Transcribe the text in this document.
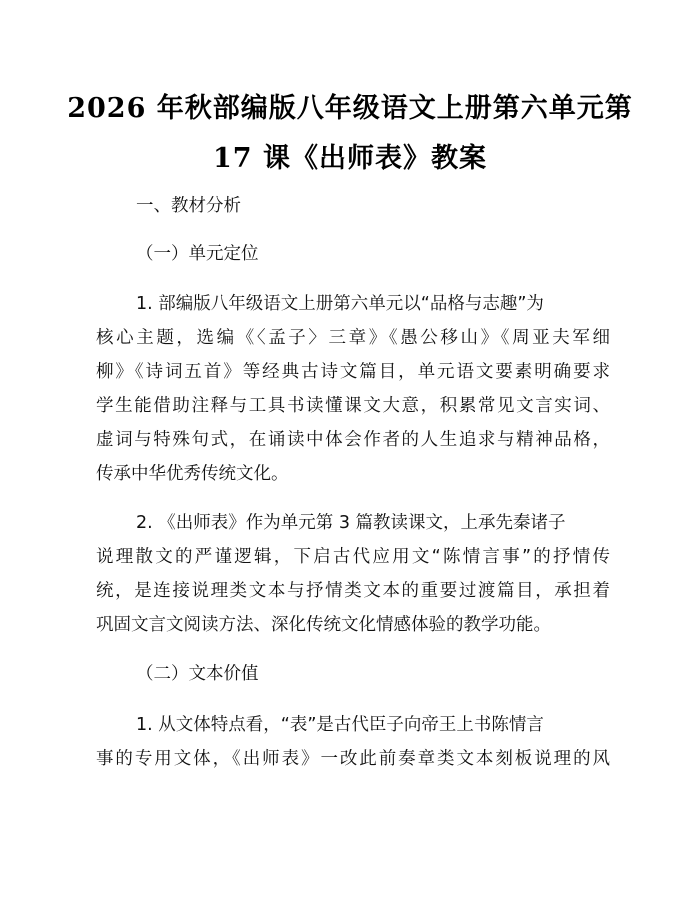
2026 年秋部编版八年级语文上册第六单元第
17 课《出师表》教案
一、教材分析
（一）单元定位
1. 部编版八年级语文上册第六单元以“品格与志趣”为
核心主题，选编《〈孟子〉三章》《愚公移山》《周亚夫军细
柳》《诗词五首》等经典古诗文篇目，单元语文要素明确要求
学生能借助注释与工具书读懂课文大意，积累常见文言实词、
虚词与特殊句式，在诵读中体会作者的人生追求与精神品格，
传承中华优秀传统文化。
2. 《出师表》作为单元第 3 篇教读课文，上承先秦诸子
说理散文的严谨逻辑，下启古代应用文“陈情言事”的抒情传
统，是连接说理类文本与抒情类文本的重要过渡篇目，承担着
巩固文言文阅读方法、深化传统文化情感体验的教学功能。
（二）文本价值
1. 从文体特点看，“表”是古代臣子向帝王上书陈情言
事的专用文体，《出师表》一改此前奏章类文本刻板说理的风
